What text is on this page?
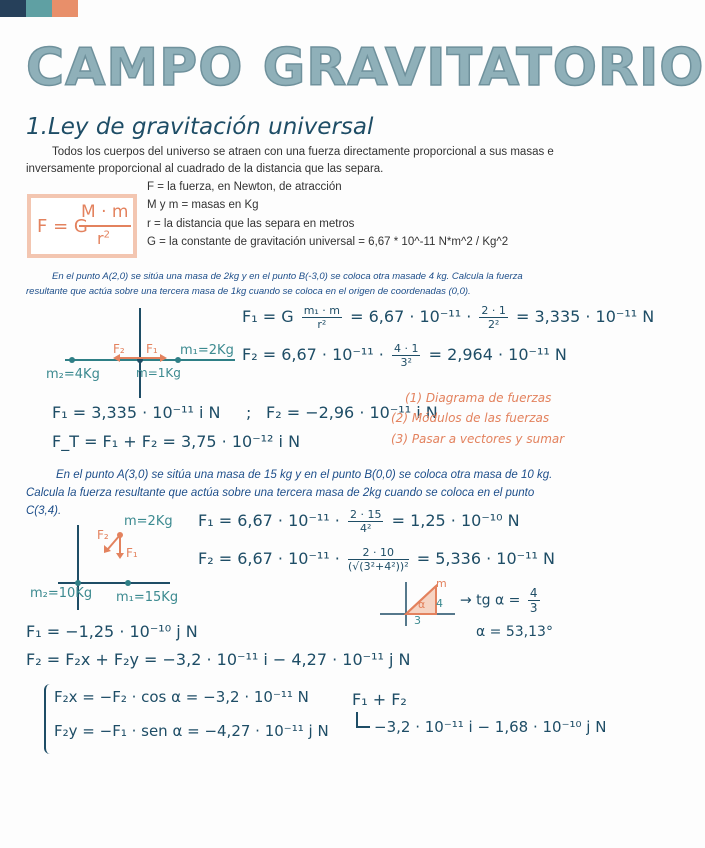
CAMPO GRAVITATORIO
1.Ley de gravitación universal
Todos los cuerpos del universo se atraen con una fuerza directamente proporcional a sus masas e
inversamente proporcional al cuadrado de la distancia que las separa.
F = G
M · m
$r^2$
F = la fuerza, en Newton, de atracción
M y m = masas en Kg
r = la distancia que las separa en metros
G = la constante de gravitación universal = 6,67 * 10^-11 N*m^2 / Kg^2
En el punto A(2,0) se sitúa una masa de 2kg y en el punto B(-3,0) se coloca otra masade 4 kg. Calcula la fuerza
resultante que actúa sobre una tercera masa de 1kg cuando se coloca en el origen de coordenadas (0,0).
F₂ F₁ m₁=2Kg
m₂=4Kg	m=1Kg
F₁ = G $\frac{\text{m₁ · m}}{\text{r²}} = 6,67 \cdot 10^{-11} \cdot \frac{2 \cdot 1}{\text{2²}} = 3,335 \cdot 10^{-11}$ N
$F_2 = 6,67 \cdot 10^{-11} \cdot \frac{4 \cdot 1}{\text{3²}} = 2,964 \cdot 10^{-11}$ N
F₁ = 3,335 · 10⁻¹¹ i N ; F₂ = −2,96 · 10⁻¹¹ i N
F_T = F₁ + F₂ = 3,75 · 10⁻¹² i N
(1) Diagrama de fuerzas
(2) Módulos de las fuerzas
(3) Pasar a vectores y sumar
En el punto A(3,0) se sitúa una masa de 15 kg y en el punto B(0,0) se coloca otra masa de 10 kg.
Calcula la fuerza resultante que actúa sobre una tercera masa de 2kg cuando se coloca en el punto
C(3,4).
m=2Kg
F₂
F₁
m₂=10Kg m₁=15Kg
$F_1 = 6,67 \cdot 10^{-11} \cdot \frac{2 \cdot 15}{\text{4²}} = 1,25 \cdot 10^{-10}$ N
$F_2 = 6,67 \cdot 10^{-11} \cdot \frac{2 \cdot 10}{\text{(√(3²+4²))²}} = 5,336 \cdot 10^{-11}$ N
m
α 4
3
→ tg $\alpha = \frac{4}{3}$
α = 53,13°
F₁ = −1,25 · 10⁻¹⁰ j N
F₂ = F₂x + F₂y = −3,2 · 10⁻¹¹ i − 4,27 · 10⁻¹¹ j N
F₂x = −F₂ · cos α = −3,2 · 10⁻¹¹ N
F₂y = −F₁ · sen α = −4,27 · 10⁻¹¹ j N
F₁ + F₂
−3,2 · 10⁻¹¹ i − 1,68 · 10⁻¹⁰ j N
